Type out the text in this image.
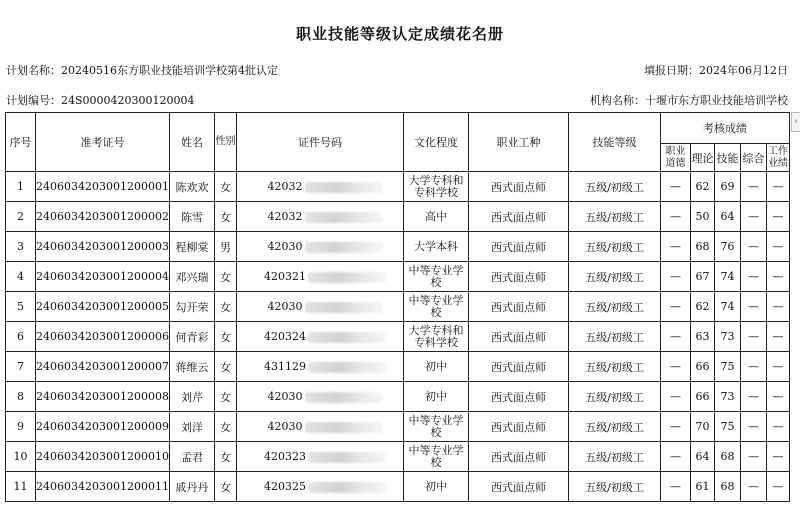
职业技能等级认定成绩花名册
计划名称：20240516东方职业技能培训学校第4批认定	填报日期：2024年06月12日
计划编号：24S0000420300120004	机构名称：十堰市东方职业技能培训学校
‹
序号	准考证号	姓名	性别	证件号码	文化程度	职业工种	技能等级	考核成绩				
								职业道德	理论	技能	综合	工作业绩
1	240603420300120000​1	陈欢欢	女	42032	大学专科和专科学校	西式面点师	五级/初级工	—	62	69	—	—
2	2406034203001200002	陈雪	女	42032	高中	西式面点师	五级/初级工	—	50	64	—	—
3	2406034203001200003	程柳棠	男	42030	大学本科	西式面点师	五级/初级工	—	68	76	—	—
4	2406034203001200004	邓兴瑞	女	420321	中等专业学校	西式面点师	五级/初级工	—	67	74	—	—
5	2406034203001200005	勾开荣	女	42030	中等专业学校	西式面点师	五级/初级工	—	62	74	—	—
6	2406034203001200006	何青彩	女	420324	大学专科和专科学校	西式面点师	五级/初级工	—	63	73	—	—
7	2406034203001200007	蒋维云	女	431129	初中	西式面点师	五级/初级工	—	66	75	—	—
8	2406034203001200008	刘芹	女	42030	初中	西式面点师	五级/初级工	—	66	73	—	—
9	2406034203001200009	刘洋	女	42030	中等专业学校	西式面点师	五级/初级工	—	70	75	—	—
10	2406034203001200010	孟君	女	420323	中等专业学校	西式面点师	五级/初级工	—	64	68	—	—
11	2406034203001200011	戚丹丹	女	420325	初中	西式面点师	五级/初级工	—	61	68	—	—
